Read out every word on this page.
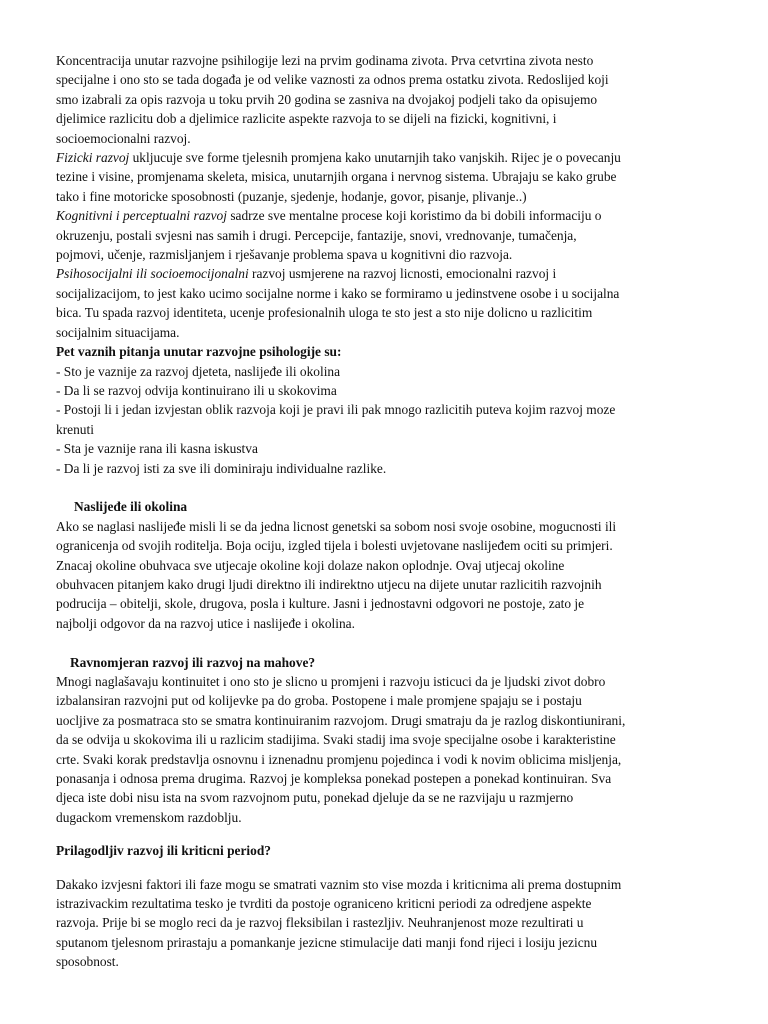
Koncentracija unutar razvojne psihilogije lezi na prvim godinama zivota. Prva cetvrtina zivota nesto
specijalne i ono sto se tada događa je od velike vaznosti za odnos prema ostatku zivota. Redoslijed koji
smo izabrali za opis razvoja u toku prvih 20 godina se zasniva na dvojakoj podjeli tako da opisujemo
djelimice razlicitu dob a djelimice razlicite aspekte razvoja to se dijeli na fizicki, kognitivni, i
socioemocionalni razvoj.
Fizicki razvoj ukljucuje sve forme tjelesnih promjena kako unutarnjih tako vanjskih. Rijec je o povecanju
tezine i visine, promjenama skeleta, misica, unutarnjih organa i nervnog sistema. Ubrajaju se kako grube
tako i fine motoricke sposobnosti (puzanje, sjedenje, hodanje, govor, pisanje, plivanje..)
Kognitivni i perceptualni razvoj sadrze sve mentalne procese koji koristimo da bi dobili informaciju o
okruzenju, postali svjesni nas samih i drugi. Percepcije, fantazije, snovi, vrednovanje, tumačenja,
pojmovi, učenje, razmisljanjem i rješavanje problema spava u kognitivni dio razvoja.
Psihosocijalni ili socioemocijonalni razvoj usmjerene na razvoj licnosti, emocionalni razvoj i
socijalizacijom, to jest kako ucimo socijalne norme i kako se formiramo u jedinstvene osobe i u socijalna
bica. Tu spada razvoj identiteta, ucenje profesionalnih uloga te sto jest a sto nije dolicno u razlicitim
socijalnim situacijama.
Pet vaznih pitanja unutar razvojne psihologije su:
- Sto je vaznije za razvoj djeteta, naslijeđe ili okolina
- Da li se razvoj odvija kontinuirano ili u skokovima
- Postoji li i jedan izvjestan oblik razvoja koji je pravi ili pak mnogo razlicitih puteva kojim razvoj moze
krenuti
- Sta je vaznije rana ili kasna iskustva
- Da li je razvoj isti za sve ili dominiraju individualne razlike.
Naslijeđe ili okolina
Ako se naglasi naslijeđe misli li se da jedna licnost genetski sa sobom nosi svoje osobine, mogucnosti ili
ogranicenja od svojih roditelja. Boja ociju, izgled tijela i bolesti uvjetovane naslijeđem ociti su primjeri.
Znacaj okoline obuhvaca sve utjecaje okoline koji dolaze nakon oplodnje. Ovaj utjecaj okoline
obuhvacen pitanjem kako drugi ljudi direktno ili indirektno utjecu na dijete unutar razlicitih razvojnih
podrucija – obitelji, skole, drugova, posla i kulture. Jasni i jednostavni odgovori ne postoje, zato je
najbolji odgovor da na razvoj utice i naslijeđe i okolina.
Ravnomjeran razvoj ili razvoj na mahove?
Mnogi naglašavaju kontinuitet i ono sto je slicno u promjeni i razvoju isticuci da je ljudski zivot dobro
izbalansiran razvojni put od kolijevke pa do groba. Postopene i male promjene spajaju se i postaju
uocljive za posmatraca sto se smatra kontinuiranim razvojom. Drugi smatraju da je razlog diskontiunirani,
da se odvija u skokovima ili u razlicim stadijima. Svaki stadij ima svoje specijalne osobe i karakteristine
crte. Svaki korak predstavlja osnovnu i iznenadnu promjenu pojedinca i vodi k novim oblicima misljenja,
ponasanja i odnosa prema drugima. Razvoj je kompleksa ponekad postepen a ponekad kontinuiran. Sva
djeca iste dobi nisu ista na svom razvojnom putu, ponekad djeluje da se ne razvijaju u razmjerno
dugackom vremenskom razdoblju.
Prilagodljiv razvoj ili kriticni period?
Dakako izvjesni faktori ili faze mogu se smatrati vaznim sto vise mozda i kriticnima ali prema dostupnim
istrazivackim rezultatima tesko je tvrditi da postoje ograniceno kriticni periodi za odredjene aspekte
razvoja. Prije bi se moglo reci da je razvoj fleksibilan i rastezljiv. Neuhranjenost moze rezultirati u
sputanom tjelesnom prirastaju a pomankanje jezicne stimulacije dati manji fond rijeci i losiju jezicnu
sposobnost.
